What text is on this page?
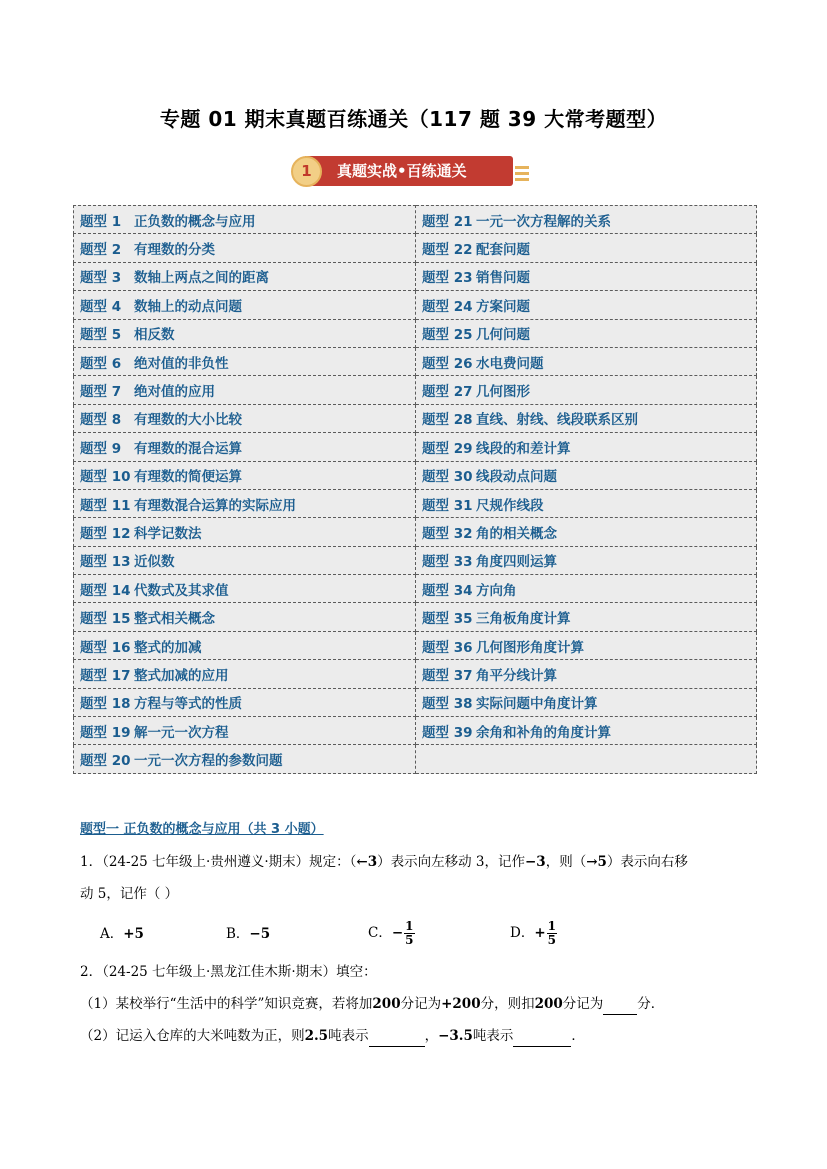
专题 01 期末真题百练通关（117 题 39 大常考题型）
1	真题实战•百练通关
题型 1 正负数的概念与应用	题型 21 一元一次方程解的关系
题型 2 有理数的分类	题型 22 配套问题
题型 3 数轴上两点之间的距离	题型 23 销售问题
题型 4 数轴上的动点问题	题型 24 方案问题
题型 5 相反数	题型 25 几何问题
题型 6 绝对值的非负性	题型 26 水电费问题
题型 7 绝对值的应用	题型 27 几何图形
题型 8 有理数的大小比较	题型 28 直线、射线、线段联系区别
题型 9 有理数的混合运算	题型 29 线段的和差计算
题型 10 有理数的简便运算	题型 30 线段动点问题
题型 11 有理数混合运算的实际应用	题型 31 尺规作线段
题型 12 科学记数法	题型 32 角的相关概念
题型 13 近似数	题型 33 角度四则运算
题型 14 代数式及其求值	题型 34 方向角
题型 15 整式相关概念	题型 35 三角板角度计算
题型 16 整式的加减	题型 36 几何图形角度计算
题型 17 整式加减的应用	题型 37 角平分线计算
题型 18 方程与等式的性质	题型 38 实际问题中角度计算
题型 19 解一元一次方程	题型 39 余角和补角的角度计算
题型 20 一元一次方程的参数问题	
题型一 正负数的概念与应用（共 3 小题）
1．（24-25 七年级上·贵州遵义·期末）规定：（←3）表示向左移动 3，记作−3，则（→5）表示向右移
动 5，记作（ ）
A．+5	B．−5	C．− $\frac{1}{5}$	D．+ $\frac{1}{5}$
2．（24-25 七年级上·黑龙江佳木斯·期末）填空：
（1）某校举行“生活中的科学”知识竞赛，若将加200分记为+200分，则扣200分记为	分．
（2）记运入仓库的大米吨数为正，则2.5吨表示	，−3.5吨表示	．
